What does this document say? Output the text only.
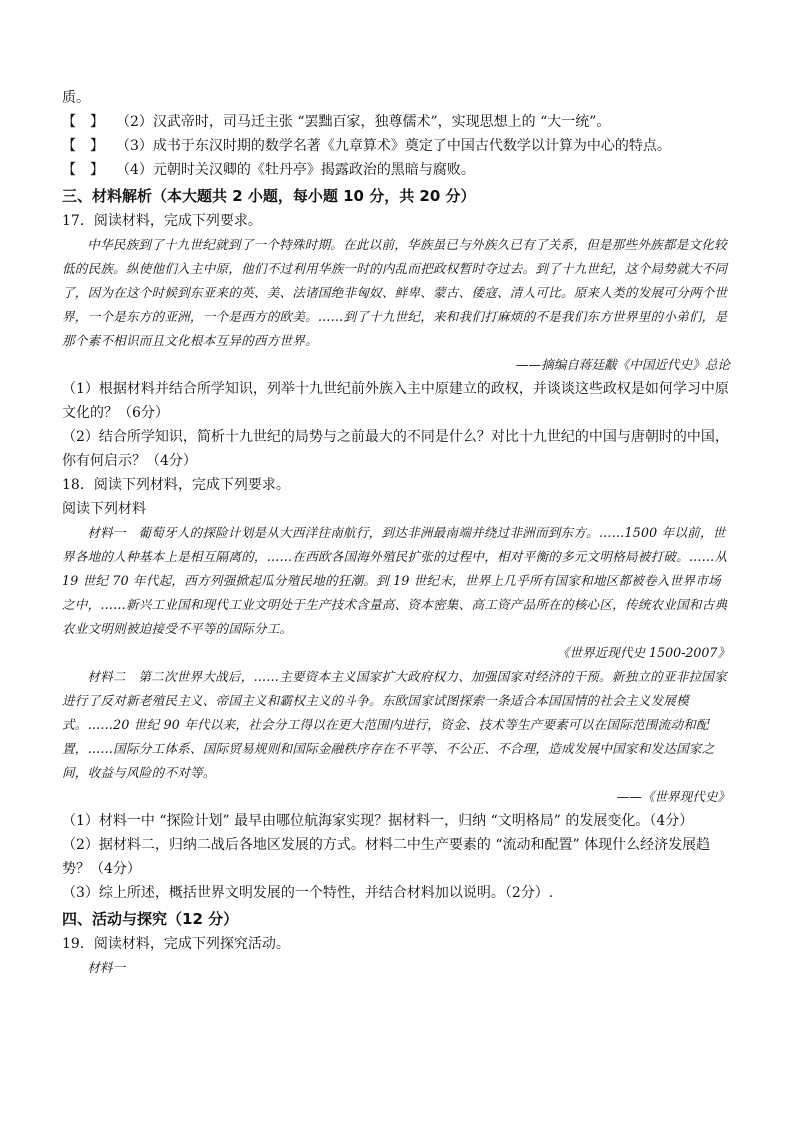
质。
【 】 （2）汉武帝时，司马迁主张 “罢黜百家，独尊儒术”，实现思想上的 “大一统”。
【 】 （3）成书于东汉时期的数学名著《九章算术》奠定了中国古代数学以计算为中心的特点。
【 】 （4）元朝时关汉卿的《牡丹亭》揭露政治的黑暗与腐败。
三、材料解析（本大题共 2 小题，每小题 10 分，共 20 分）
17．阅读材料，完成下列要求。
中华民族到了十九世纪就到了一个特殊时期。在此以前，华族虽已与外族久已有了关系，但是那些外族都是文化较低的民族。纵使他们入主中原，他们不过利用华族一时的内乱而把政权暂时夺过去。到了十九世纪，这个局势就大不同了，因为在这个时候到东亚来的英、美、法诸国绝非匈奴、鲜卑、蒙古、倭寇、清人可比。原来人类的发展可分两个世界，一个是东方的亚洲，一个是西方的欧美。……到了十九世纪，来和我们打麻烦的不是我们东方世界里的小弟们，是那个素不相识而且文化根本互异的西方世界。
——摘编自蒋廷黻《中国近代史》总论
（1）根据材料并结合所学知识，列举十九世纪前外族入主中原建立的政权，并谈谈这些政权是如何学习中原文化的？（6分）
（2）结合所学知识，简析十九世纪的局势与之前最大的不同是什么？对比十九世纪的中国与唐朝时的中国，你有何启示？（4分）
18．阅读下列材料，完成下列要求。
阅读下列材料
材料一　葡萄牙人的探险计划是从大西洋往南航行，到达非洲最南端并绕过非洲而到东方。……1500 年以前，世界各地的人种基本上是相互隔离的，……在西欧各国海外殖民扩张的过程中，相对平衡的多元文明格局被打破。……从 19 世纪 70 年代起，西方列强掀起瓜分殖民地的狂潮。到 19 世纪末，世界上几乎所有国家和地区都被卷入世界市场之中，……新兴工业国和现代工业文明处于生产技术含量高、资本密集、高工资产品所在的核心区，传统农业国和古典农业文明则被迫接受不平等的国际分工。
《世界近现代史 1500-2007》
材料二　第二次世界大战后，……主要资本主义国家扩大政府权力、加强国家对经济的干预。新独立的亚非拉国家进行了反对新老殖民主义、帝国主义和霸权主义的斗争。东欧国家试图探索一条适合本国国情的社会主义发展模式。……20 世纪 90 年代以来，社会分工得以在更大范围内进行，资金、技术等生产要素可以在国际范围流动和配置，……国际分工体系、国际贸易规则和国际金融秩序存在不平等、不公正、不合理，造成发展中国家和发达国家之间，收益与风险的不对等。
——《世界现代史》
（1）材料一中 “探险计划” 最早由哪位航海家实现？据材料一，归纳 “文明格局” 的发展变化。（4分）
（2）据材料二，归纳二战后各地区发展的方式。材料二中生产要素的 “流动和配置” 体现什么经济发展趋势？（4分）
（3）综上所述，概括世界文明发展的一个特性，并结合材料加以说明。（2分）.
四、活动与探究（12 分）
19．阅读材料，完成下列探究活动。
材料一
